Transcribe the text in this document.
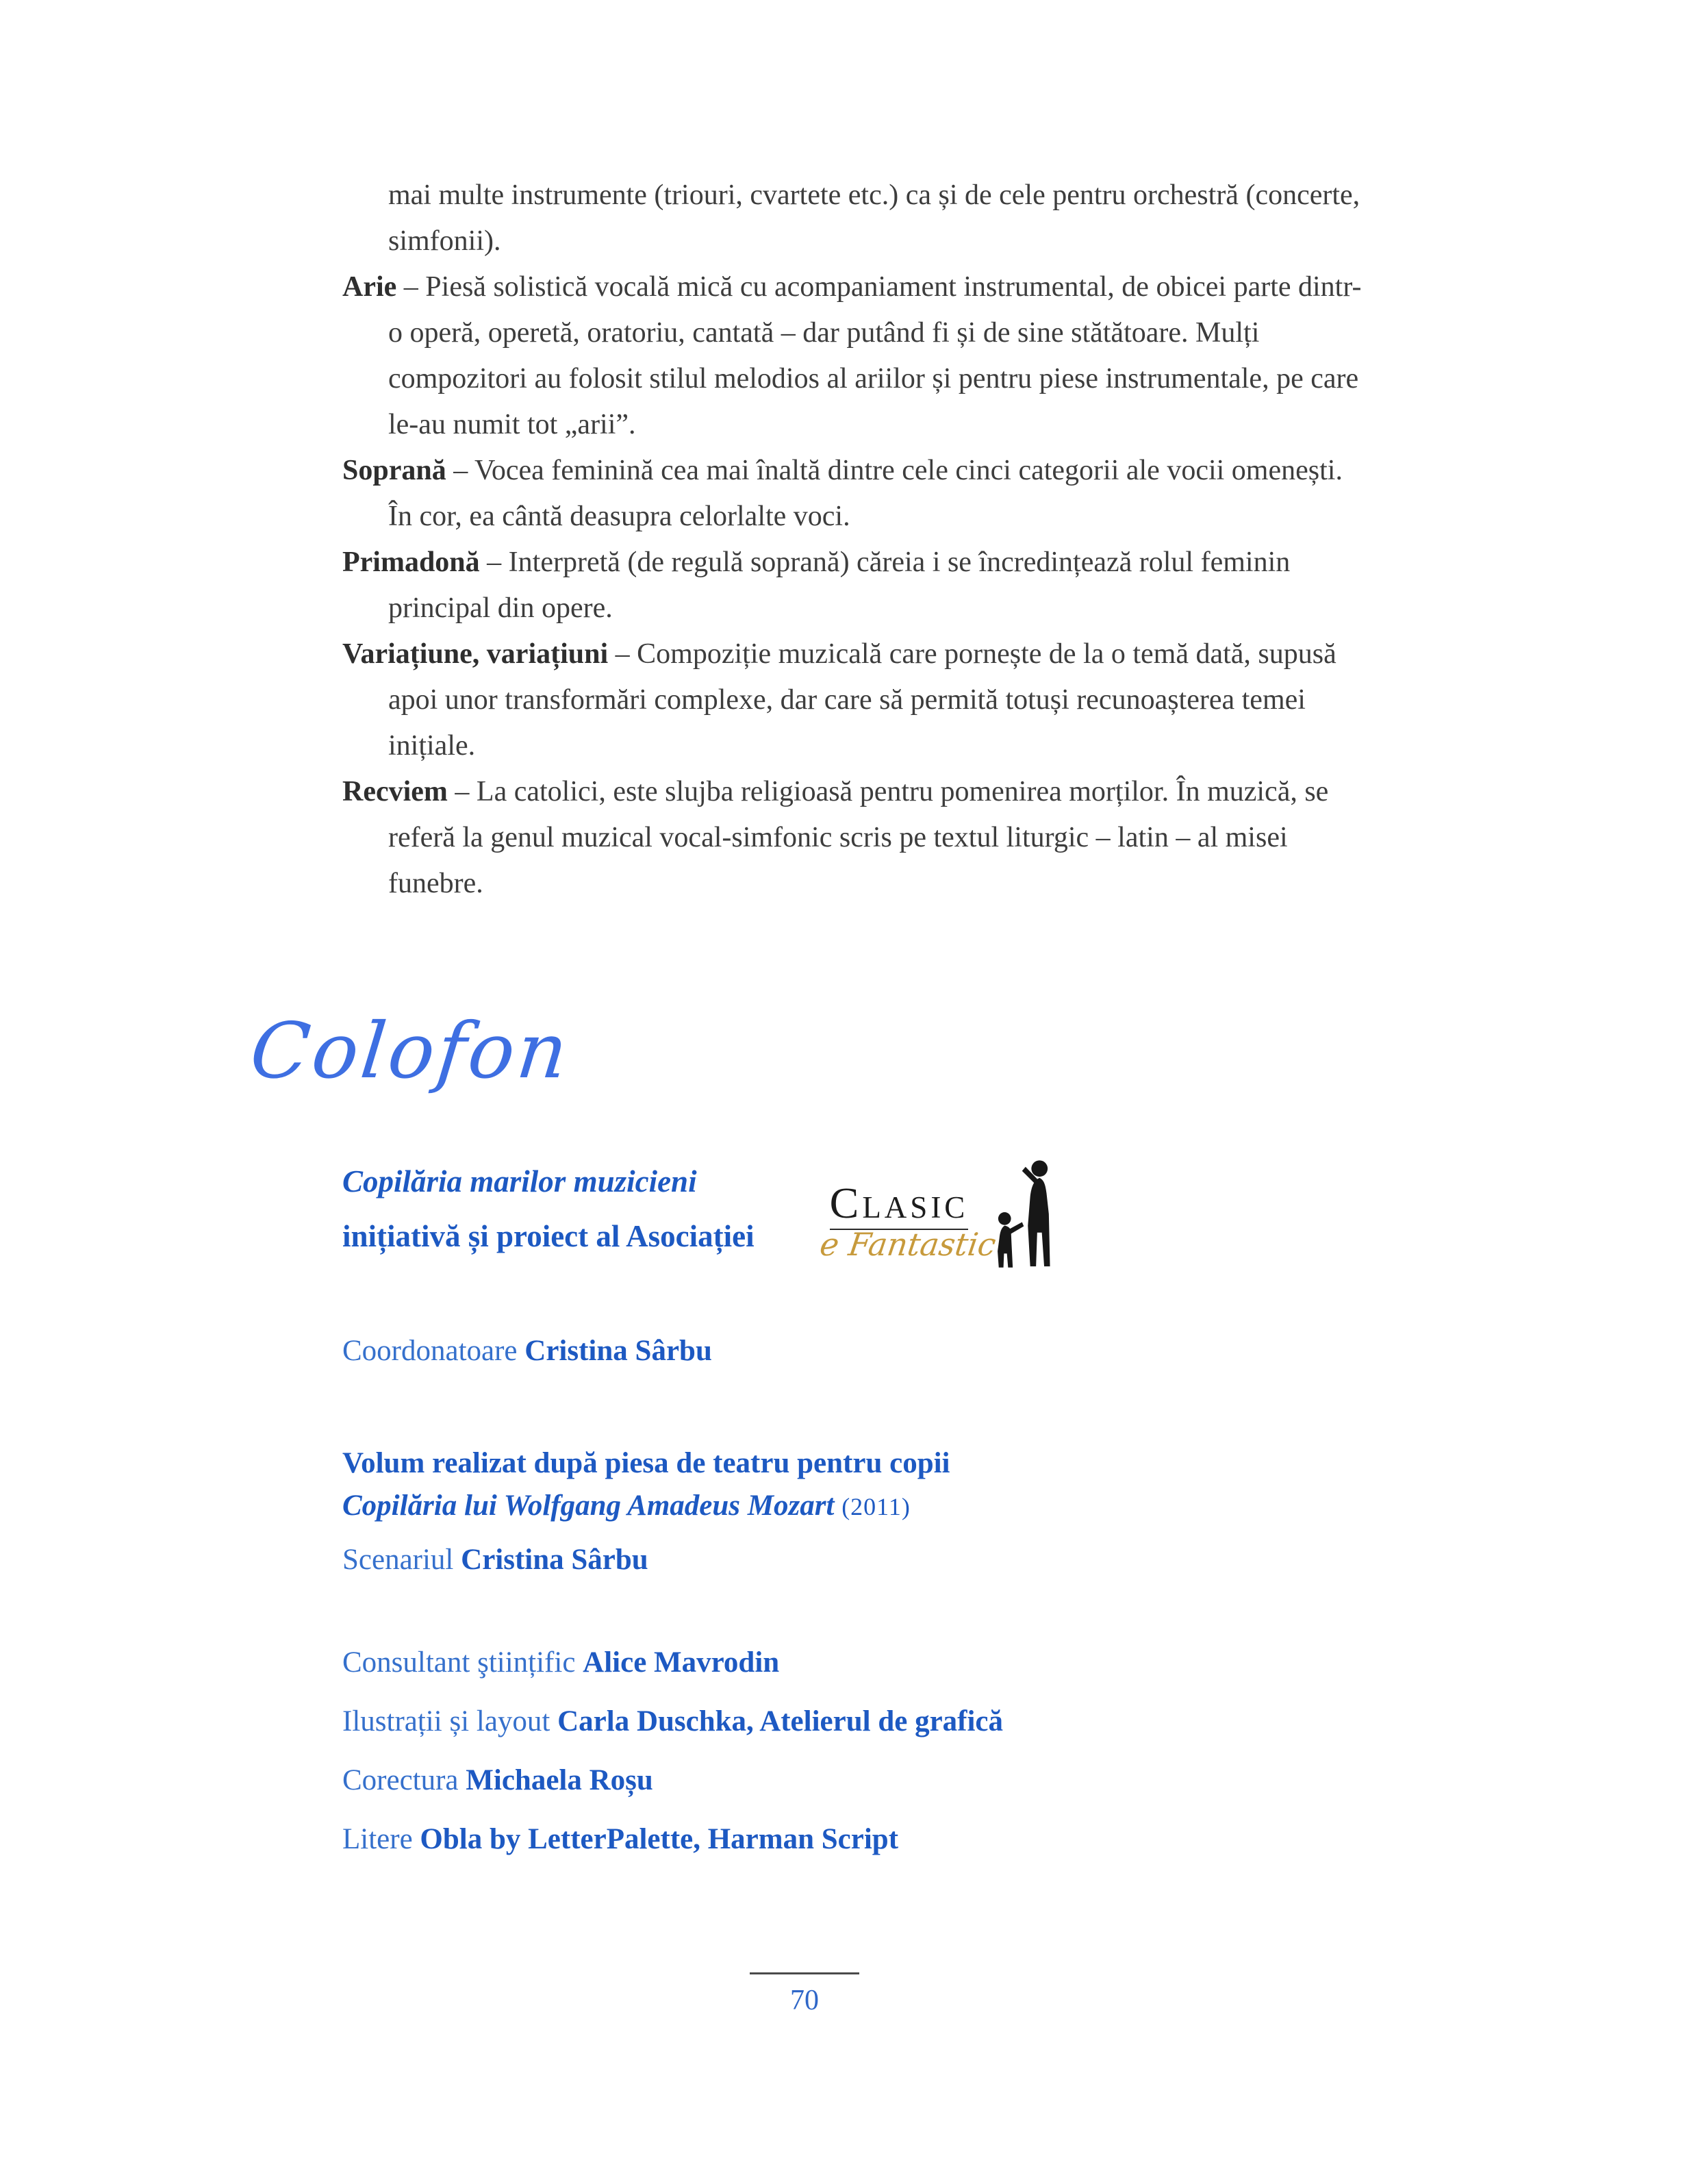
mai multe instrumente (triouri, cvartete etc.) ca și de cele pentru orchestră (concerte, simfonii).

Arie – Piesă solistică vocală mică cu acompaniament instrumental, de obicei parte dintr-o operă, operetă, oratoriu, cantată – dar putând fi și de sine stătătoare. Mulți compozitori au folosit stilul melodios al ariilor și pentru piese instrumentale, pe care le-au numit tot „arii”.

Soprană – Vocea feminină cea mai înaltă dintre cele cinci categorii ale vocii omenești. În cor, ea cântă deasupra celorlalte voci.

Primadonă – Interpretă (de regulă soprană) căreia i se încredințează rolul feminin principal din opere.

Variațiune, variațiuni – Compoziție muzicală care pornește de la o temă dată, supusă apoi unor transformări complexe, dar care să permită totuși recunoașterea temei inițiale.

Recviem – La catolici, este slujba religioasă pentru pomenirea morților. În muzică, se referă la genul muzical vocal-simfonic scris pe textul liturgic – latin – al misei funebre.

Colofon

Copilăria marilor muzicieni

inițiativă și proiect al Asociației

Clasic
e Fantastic

Coordonatoare Cristina Sârbu

Volum realizat după piesa de teatru pentru copii

Copilăria lui Wolfgang Amadeus Mozart (2011)

Scenariul Cristina Sârbu

Consultant ştiințific Alice Mavrodin

Ilustrații și layout Carla Duschka, Atelierul de grafică

Corectura Michaela Roșu

Litere Obla by LetterPalette, Harman Script

70
